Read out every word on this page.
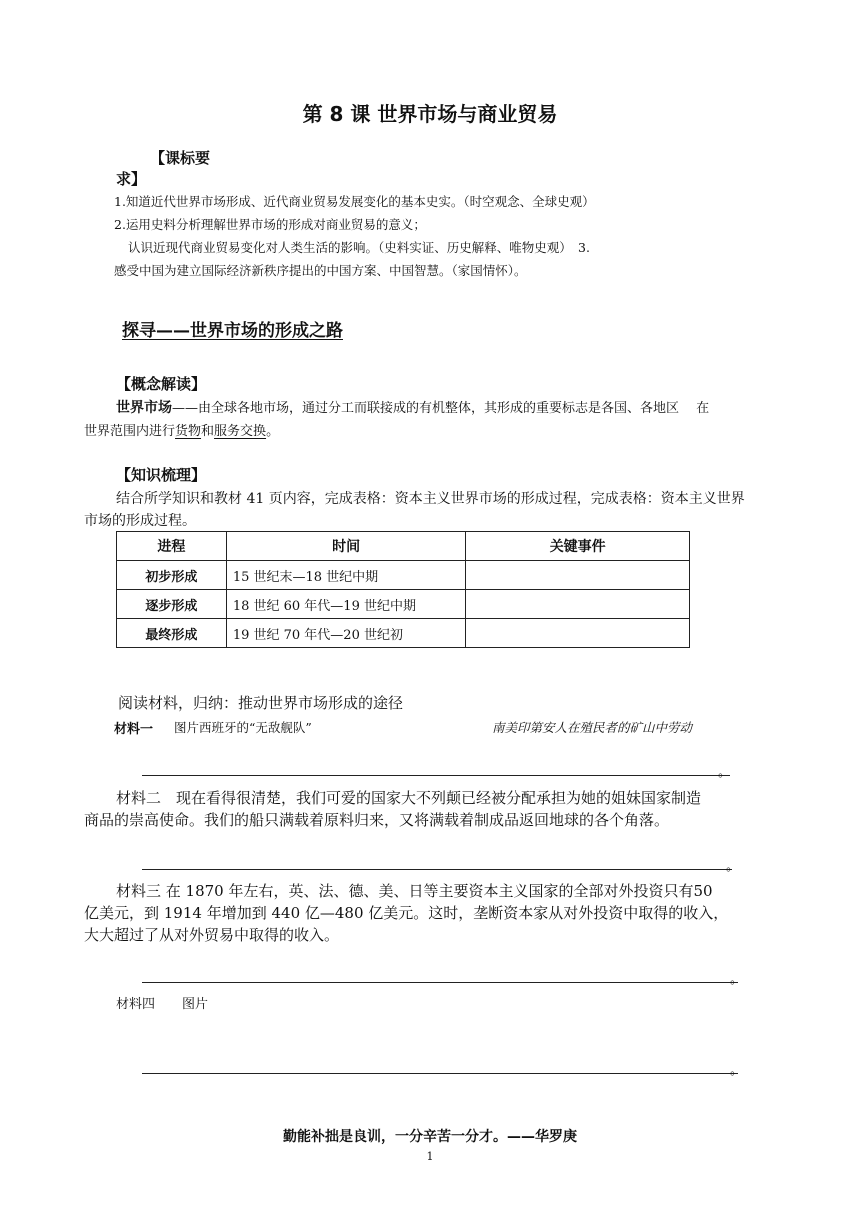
第 8 课 世界市场与商业贸易
【课标要
求】
1.知道近代世界市场形成、近代商业贸易发展变化的基本史实。（时空观念、全球史观）
2.运用史料分析理解世界市场的形成对商业贸易的意义；
认识近现代商业贸易变化对人类生活的影响。（史料实证、历史解释、唯物史观）　3.
感受中国为建立国际经济新秩序提出的中国方案、中国智慧。（家国情怀）。
探寻——世界市场的形成之路
【概念解读】
世界市场——由全球各地市场，通过分工而联接成的有机整体，其形成的重要标志是各国、各地区　 在
世界范围内进行货物和服务交换。
【知识梳理】
结合所学知识和教材 41 页内容，完成表格：资本主义世界市场的形成过程，完成表格：资本主义世界
市场的形成过程。
进程	时间	关键事件
初步形成	15 世纪末—18 世纪中期	
逐步形成	18 世纪 60 年代—19 世纪中期	
最终形成	19 世纪 70 年代—20 世纪初	
阅读材料，归纳：推动世界市场形成的途径
材料一 图片西班牙的“无敌舰队”	南美印第安人在殖民者的矿山中劳动
。
材料二　现在看得很清楚，我们可爱的国家大不列颠已经被分配承担为她的姐妹国家制造
商品的崇高使命。我们的船只满载着原料归来，又将满载着制成品返回地球的各个角落。
。
材料三 在 1870 年左右，英、法、德、美、日等主要资本主义国家的全部对外投资只有50
亿美元，到 1914 年增加到 440 亿—480 亿美元。这时，垄断资本家从对外投资中取得的收入，
大大超过了从对外贸易中取得的收入。
。
材料四 图片
。
勤能补拙是良训，一分辛苦一分才。——华罗庚
1
